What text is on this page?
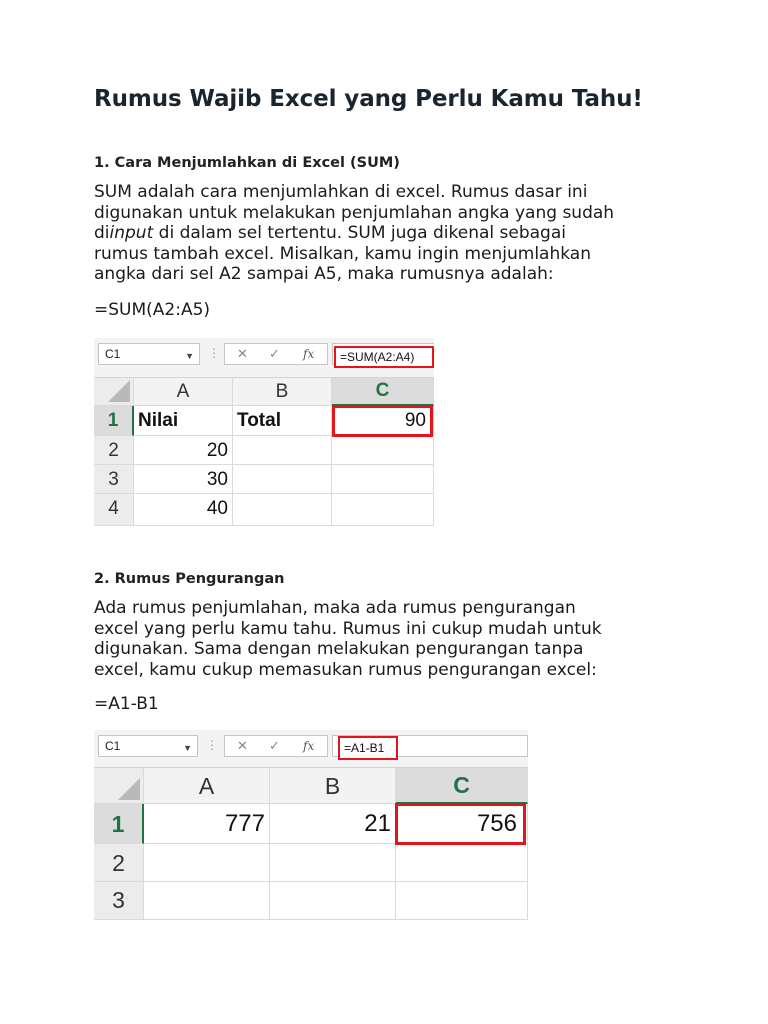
Rumus Wajib Excel yang Perlu Kamu Tahu!
1. Cara Menjumlahkan di Excel (SUM)

SUM adalah cara menjumlahkan di excel. Rumus dasar ini
digunakan untuk melakukan penjumlahan angka yang sudah
diinput di dalam sel tertentu. SUM juga dikenal sebagai
rumus tambah excel. Misalkan, kamu ingin menjumlahkan
angka dari sel A2 sampai A5, maka rumusnya adalah:

=SUM(A2:A5)

C1	▼ ⋮ ✕ ✓ fx	=SUM(A2:A4)
A	B	C
1	Nilai	Total	90
2	20
3	30
4	40
2. Rumus Pengurangan

Ada rumus penjumlahan, maka ada rumus pengurangan
excel yang perlu kamu tahu. Rumus ini cukup mudah untuk
digunakan. Sama dengan melakukan pengurangan tanpa
excel, kamu cukup memasukan rumus pengurangan excel:

=A1-B1

C1	▼ ⋮ ✕ ✓ fx	=A1-B1
A	B	C
1	777	21	756
2
3
